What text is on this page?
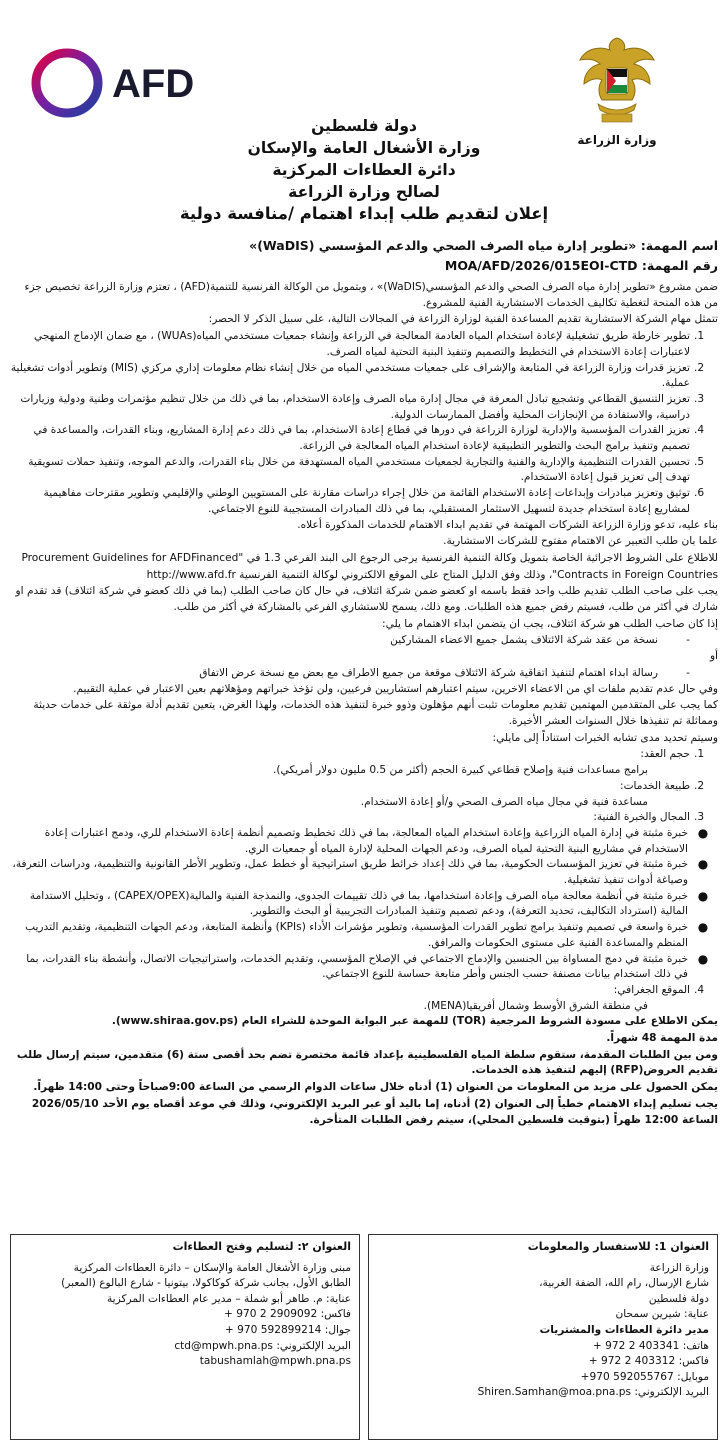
AFD
وزارة الزراعة
دولة فلسطين
وزارة الأشغال العامة والإسكان
دائرة العطاءات المركزية
لصالح وزارة الزراعة
إعلان لتقديم طلب إبداء اهتمام /منافسة دولية
اسم المهمة: «تطوير إدارة مياه الصرف الصحي والدعم المؤسسي (WaDIS)»
رقم المهمة: MOA/AFD/2026/015EOI-CTD

ضمن مشروع «تطوير إدارة مياه الصرف الصحي والدعم المؤسسي(WaDIS)» ، وبتمويل من الوكالة الفرنسية للتنمية(AFD) ، تعتزم وزارة الزراعة تخصيص جزء من هذه المنحة لتغطية تكاليف الخدمات الاستشارية الفنية للمشروع.

تتمثل مهام الشركة الاستشارية تقديم المساعدة الفنية لوزارة الزراعة في المجالات التالية، على سبيل الذكر لا الحصر:

1.
تطوير خارطة طريق تشغيلية لإعادة استخدام المياه العادمة المعالجة في الزراعة وإنشاء جمعيات مستخدمي المياه(WUAs) ، مع ضمان الإدماج المنهجي لاعتبارات إعادة الاستخدام في التخطيط والتصميم وتنفيذ البنية التحتية لمياه الصرف.
2.
تعزيز قدرات وزارة الزراعة في المتابعة والإشراف على جمعيات مستخدمي المياه من خلال إنشاء نظام معلومات إداري مركزي (MIS) وتطوير أدوات تشغيلية عملية.
3.
تعزيز التنسيق القطاعي وتشجيع تبادل المعرفة في مجال إدارة مياه الصرف وإعادة الاستخدام، بما في ذلك من خلال تنظيم مؤتمرات وطنية ودولية وزيارات دراسية، والاستفادة من الإنجازات المحلية وأفضل الممارسات الدولية.
4.
تعزيز القدرات المؤسسية والإدارية لوزارة الزراعة في دورها في قطاع إعادة الاستخدام، بما في ذلك دعم إدارة المشاريع، وبناء القدرات، والمساعدة في تصميم وتنفيذ برامج البحث والتطوير التطبيقية لإعادة استخدام المياه المعالجة في الزراعة.
5.
تحسين القدرات التنظيمية والإدارية والفنية والتجارية لجمعيات مستخدمي المياه المستهدفة من خلال بناء القدرات، والدعم الموجه، وتنفيذ حملات تسويقية تهدف إلى تعزيز قبول إعادة الاستخدام.
6.
توثيق وتعزيز مبادرات وإبداعات إعادة الاستخدام القائمة من خلال إجراء دراسات مقارنة على المستويين الوطني والإقليمي وتطوير مقترحات مفاهيمية لمشاريع إعادة استخدام جديدة لتسهيل الاستثمار المستقبلي، بما في ذلك المبادرات المستجيبة للنوع الاجتماعي.

بناء عليه، تدعو وزارة الزراعة الشركات المهتمة في تقديم ابداء الاهتمام للخدمات المذكورة أعلاه.

علما بان طلب التعبير عن الاهتمام مفتوح للشركات الاستشارية.

للاطلاع على الشروط الاجرائية الخاصة بتمويل وكالة التنمية الفرنسية يرجى الرجوع الى البند الفرعي 1.3 في "Procurement Guidelines for AFDFinanced

Contracts in Foreign Countries"، وذلك وفق الدليل المتاح على الموقع الالكتروني لوكالة التنمية الفرنسية http://www.afd.fr

يجب على صاحب الطلب تقديم طلب واحد فقط باسمه او كعضو ضمن شركة ائتلاف، في حال كان صاحب الطلب (بما في ذلك كعضو في شركة ائتلاف) قد تقدم او شارك في أكثر من طلب، فسيتم رفض جميع هذه الطلبات. ومع ذلك، يسمح للاستشاري الفرعي بالمشاركة في أكثر من طلب.

إذا كان صاحب الطلب هو شركة ائتلاف، يجب ان يتضمن ابداء الاهتمام ما يلي:

-
نسخة من عقد شركة الائتلاف يشمل جميع الاعضاء المشاركين

أو

-
رسالة ابداء اهتمام لتنفيذ اتفاقية شركة الائتلاف موقعة من جميع الاطراف مع بعض مع نسخة عرض الاتفاق

وفي حال عدم تقديم ملفات اي من الاعضاء الاخرين، سيتم اعتبارهم استشاريين فرعيين، ولن تؤخذ خبراتهم ومؤهلاتهم بعين الاعتبار في عملية التقييم.

كما يجب على المتقدمين المهتمين تقديم معلومات تثبت أنهم مؤهلون وذوو خبرة لتنفيذ هذه الخدمات، ولهذا الغرض، يتعين تقديم أدلة موثقة على خدمات حديثة ومماثلة تم تنفيذها خلال السنوات العشر الأخيرة.

وسيتم تحديد مدى تشابه الخبرات استناداً إلى مايلي:

1.
حجم العقد:
برامج مساعدات فنية وإصلاح قطاعي كبيرة الحجم (أكثر من 0.5 مليون دولار أمريكي).
2.
طبيعة الخدمات:
مساعدة فنية في مجال مياه الصرف الصحي و/أو إعادة الاستخدام.
3.
المجال والخبرة الفنية:
●
خبرة مثبتة في إدارة المياه الزراعية وإعادة استخدام المياه المعالجة، بما في ذلك تخطيط وتصميم أنظمة إعادة الاستخدام للري، ودمج اعتبارات إعادة الاستخدام في مشاريع البنية التحتية لمياه الصرف، ودعم الجهات المحلية لإدارة المياه أو جمعيات الري.
●
خبرة مثبتة في تعزيز المؤسسات الحكومية، بما في ذلك إعداد خرائط طريق استراتيجية أو خطط عمل، وتطوير الأطر القانونية والتنظيمية، ودراسات التعرفة، وصياغة أدوات تنفيذ تشغيلية.
●
خبرة مثبتة في أنظمة معالجة مياه الصرف وإعادة استخدامها، بما في ذلك تقييمات الجدوى، والنمذجة الفنية والمالية(CAPEX/OPEX) ، وتحليل الاستدامة المالية (استرداد التكاليف، تحديد التعرفة)، ودعم تصميم وتنفيذ المبادرات التجريبية أو البحث والتطوير.
●
خبرة واسعة في تصميم وتنفيذ برامج تطوير القدرات المؤسسية، وتطوير مؤشرات الأداء (KPIs) وأنظمة المتابعة، ودعم الجهات التنظيمية، وتقديم التدريب المنظم والمساعدة الفنية على مستوى الحكومات والمرافق.
●
خبرة مثبتة في دمج المساواة بين الجنسين والإدماج الاجتماعي في الإصلاح المؤسسي، وتقديم الخدمات، واستراتيجيات الاتصال، وأنشطة بناء القدرات، بما في ذلك استخدام بيانات مصنفة حسب الجنس وأطر متابعة حساسة للنوع الاجتماعي.
4.
الموقع الجغرافي:
في منطقة الشرق الأوسط وشمال أفريقيا(MENA).

يمكن الاطلاع على مسودة الشروط المرجعية (TOR) للمهمة عبر البوابة الموحدة للشراء العام (www.shiraa.gov.ps).

مدة المهمة 48 شهراً.

ومن بين الطلبات المقدمة، ستقوم سلطة المياه الفلسطينية بإعداد قائمة مختصرة تضم بحد أقصى ستة (6) متقدمين، سيتم إرسال طلب تقديم العروض(RFP) إليهم لتنفيذ هذه الخدمات.

يمكن الحصول على مزيد من المعلومات من العنوان (1) أدناه خلال ساعات الدوام الرسمي من الساعة 9:00صباحاً وحتى 14:00 ظهراً.

يجب تسليم إبداء الاهتمام خطياً إلى العنوان (2) أدناه، إما باليد أو عبر البريد الإلكتروني، وذلك في موعد أقصاه يوم الأحد 2026/05/10 الساعة 12:00 ظهراً (بتوقيت فلسطين المحلي)، سيتم رفض الطلبات المتأخرة.

العنوان 1: للاستفسار والمعلومات
وزارة الزراعة
شارع الإرسال، رام الله، الضفة الغربية،
دولة فلسطين
عناية: شيرين سمحان
مدير دائرة العطاءات والمشتريات
هاتف: 403341 2 972 +
فاكس: 403312 2 972 +
موبايل: 592055767 970+
البريد الإلكتروني: Shiren.Samhan@moa.pna.ps
العنوان ٢: لتسليم وفتح العطاءات
مبنى وزارة الأشغال العامة والإسكان – دائرة العطاءات المركزية
الطابق الأول، بجانب شركة كوكاكولا، بيتونيا - شارع البالوع (المعبر)
عناية: م. طاهر أبو شملة – مدير عام العطاءات المركزية
فاكس: 2909092 2 970 +
جوال: 592899214 970 +
البريد الإلكتروني: ctd@mpwh.pna.ps
tabushamlah@mpwh.pna.ps
